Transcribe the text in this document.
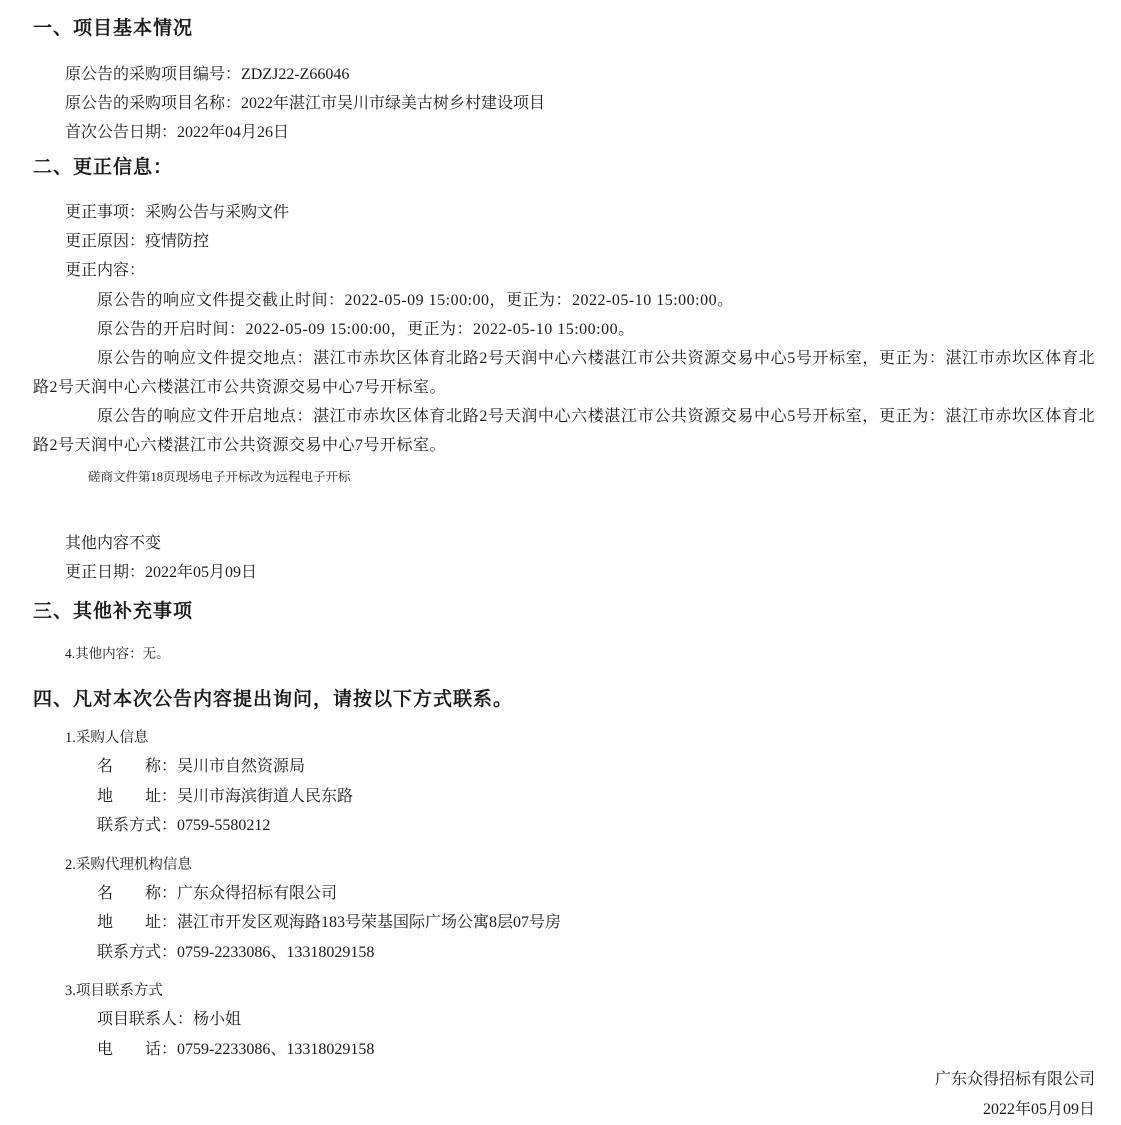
一、项目基本情况
原公告的采购项目编号：ZDZJ22-Z66046
原公告的采购项目名称：2022年湛江市吴川市绿美古树乡村建设项目
首次公告日期：2022年04月26日
二、更正信息：
更正事项：采购公告与采购文件
更正原因：疫情防控
更正内容：
原公告的响应文件提交截止时间：2022-05-09 15:00:00，更正为：2022-05-10 15:00:00。
原公告的开启时间：2022-05-09 15:00:00，更正为：2022-05-10 15:00:00。
原公告的响应文件提交地点：湛江市赤坎区体育北路2号天润中心六楼湛江市公共资源交易中心5号开标室，更正为：湛江市赤坎区体育北路2号天润中心六楼湛江市公共资源交易中心7号开标室。
原公告的响应文件开启地点：湛江市赤坎区体育北路2号天润中心六楼湛江市公共资源交易中心5号开标室，更正为：湛江市赤坎区体育北路2号天润中心六楼湛江市公共资源交易中心7号开标室。
磋商文件第18页现场电子开标改为远程电子开标
其他内容不变
更正日期：2022年05月09日
三、其他补充事项
4.其他内容：无。
四、凡对本次公告内容提出询问，请按以下方式联系。
1.采购人信息
名　　称：吴川市自然资源局
地　　址：吴川市海滨街道人民东路
联系方式：0759-5580212
2.采购代理机构信息
名　　称：广东众得招标有限公司
地　　址：湛江市开发区观海路183号荣基国际广场公寓8层07号房
联系方式：0759-2233086、13318029158
3.项目联系方式
项目联系人：杨小姐
电　　话：0759-2233086、13318029158
广东众得招标有限公司
2022年05月09日
